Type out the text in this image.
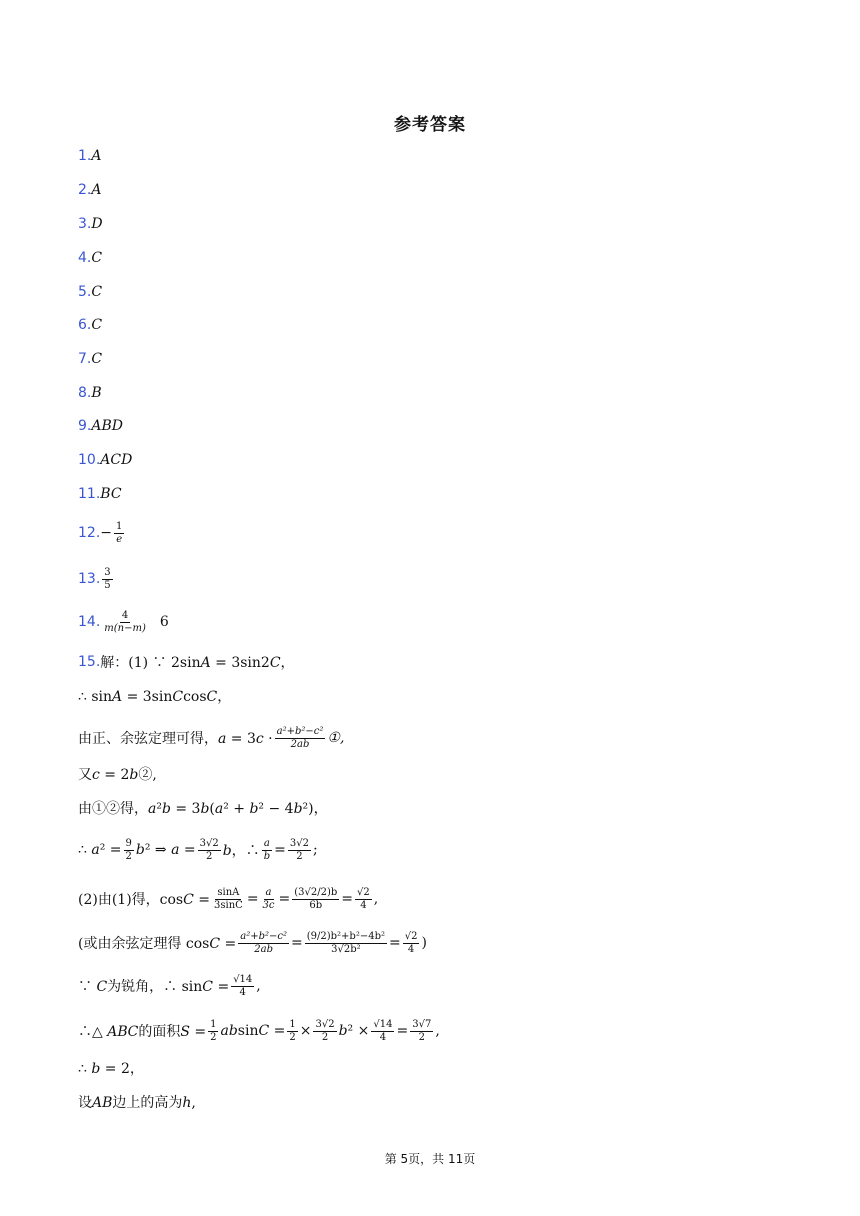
参考答案
1. A
2. A
3. D
4. C
5. C
6. C
7. C
8. B
9. ABD
10. ACD
11. BC
12. − $\frac{1}{e}$
13. $\frac{3}{5}$
14. $\frac{4}{m(n-m)} 6$
15. 解：(1) ∵ 2sin𝐴 = 3sin2𝐶，
∴ sin𝐴 = 3sin𝐶cos𝐶，
由正、余弦定理可得，𝑎 = 3𝑐 · $\frac{\text{a²+b²−c²}}{2ab}$ ①,
又𝑐 = 2𝑏②,
由①②得，𝑎²𝑏 = 3𝑏(𝑎² + 𝑏² − 4𝑏²)，
∴ 𝑎² = $\frac{9}{2}$ 𝑏² ⇒ 𝑎 = $\frac{3√2}{2}$ 𝑏，∴ $\frac{a}{b} = \frac{3√2}{2}$ ;
(2)由(1)得，cos𝐶 = $\frac{\sin A}{3\sin C} = \frac{a}{3c} = \frac{(3√2/2)b}{6b} = \frac{√2}{4}$ ,
(或由余弦定理得 cos𝐶 = $\frac{\text{a²+b²−c²}}{2ab} = \frac{\text{(9/2)b²+b²−4b²}}{\text{3√2b²}} = \frac{√2}{4}$ )
∵ 𝐶为锐角，∴ sin𝐶 = $\frac{√14}{4}$ ,
∴△ 𝐴𝐵𝐶的面积𝑆 = $\frac{1}{2}$ 𝑎𝑏sin𝐶 = $\frac{1}{2} \times \frac{3√2}{2}$ 𝑏² × $\frac{√14}{4} = \frac{3√7}{2}$ ,
∴ 𝑏 = 2，
设𝐴𝐵边上的高为ℎ,
第 5页，共 11页
